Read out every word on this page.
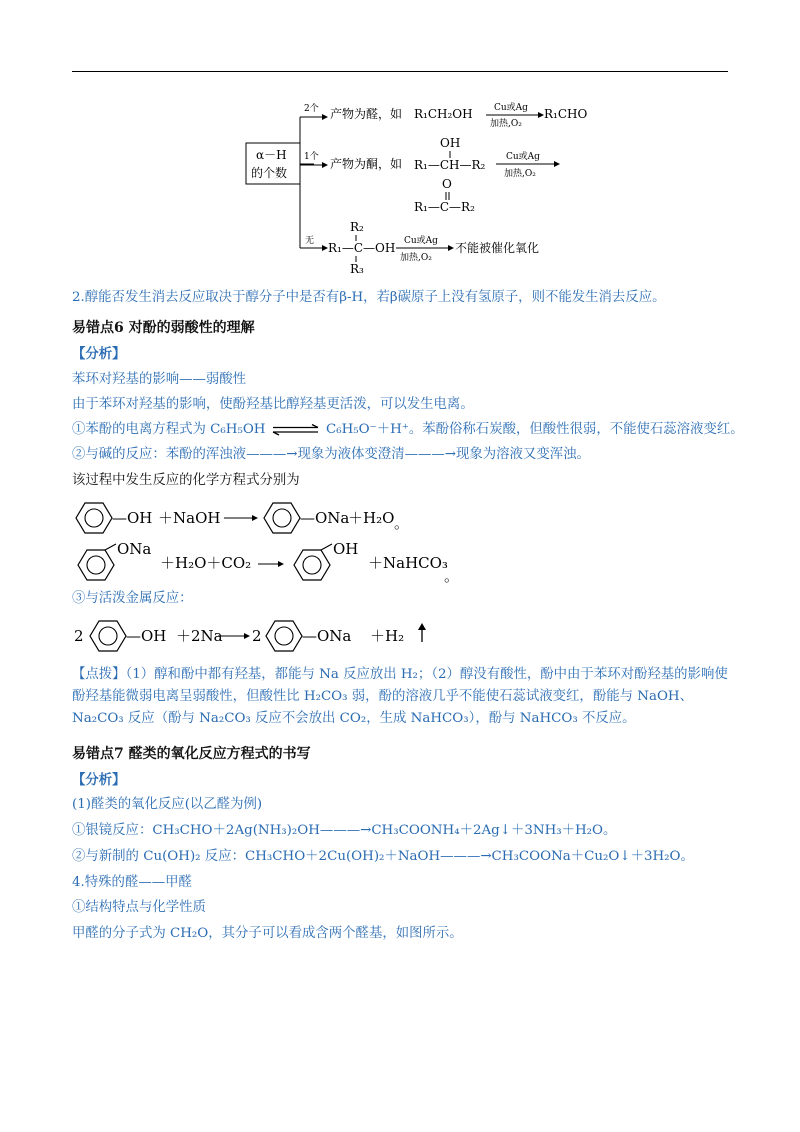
α－H
的个数
2个 产物为醛，如 R₁CH₂OH Cu或Ag
加热,O₂
R₁CHO
1个 产物为酮，如
OH
R₁—CH—R₂
Cu或Ag
加热,O₂
O
R₁—C—R₂
无
R₂
R₁—C—OH
R₃
Cu或Ag
加热,O₂
不能被催化氧化
2.醇能否发生消去反应取决于醇分子中是否有β-H，若β碳原子上没有氢原子，则不能发生消去反应。
易错点6 对酚的弱酸性的理解
【分析】
苯环对羟基的影响——弱酸性
由于苯环对羟基的影响，使酚羟基比醇羟基更活泼，可以发生电离。
①苯酚的电离方程式为 C₆H₅OH ⇌ C₆H₅O⁻＋H⁺。苯酚俗称石炭酸，但酸性很弱，不能使石蕊溶液变红。
②与碱的反应：苯酚的浑浊液———→现象为液体变澄清———→现象为溶液又变浑浊。
该过程中发生反应的化学方程式分别为
—OH ＋NaOH	—ONa
＋H₂O 。
ONa
＋H₂O＋CO₂
OH
＋NaHCO₃
。
③与活泼金属反应：
2	—OH ＋2Na 2	—ONa ＋H₂
【点拨】（1）醇和酚中都有羟基，都能与 Na 反应放出 H₂；（2）醇没有酸性，酚中由于苯环对酚羟基的影响使酚羟基能微弱电离呈弱酸性，但酸性比 H₂CO₃ 弱，酚的溶液几乎不能使石蕊试液变红，酚能与 NaOH、Na₂CO₃ 反应（酚与 Na₂CO₃ 反应不会放出 CO₂，生成 NaHCO₃），酚与 NaHCO₃ 不反应。
易错点7 醛类的氧化反应方程式的书写
【分析】
(1)醛类的氧化反应(以乙醛为例)
①银镜反应：CH₃CHO＋2Ag(NH₃)₂OH———→CH₃COONH₄＋2Ag↓＋3NH₃＋H₂O。
②与新制的 Cu(OH)₂ 反应：CH₃CHO＋2Cu(OH)₂＋NaOH———→CH₃COONa＋Cu₂O↓＋3H₂O。
4.特殊的醛——甲醛
①结构特点与化学性质
甲醛的分子式为 CH₂O，其分子可以看成含两个醛基，如图所示。
